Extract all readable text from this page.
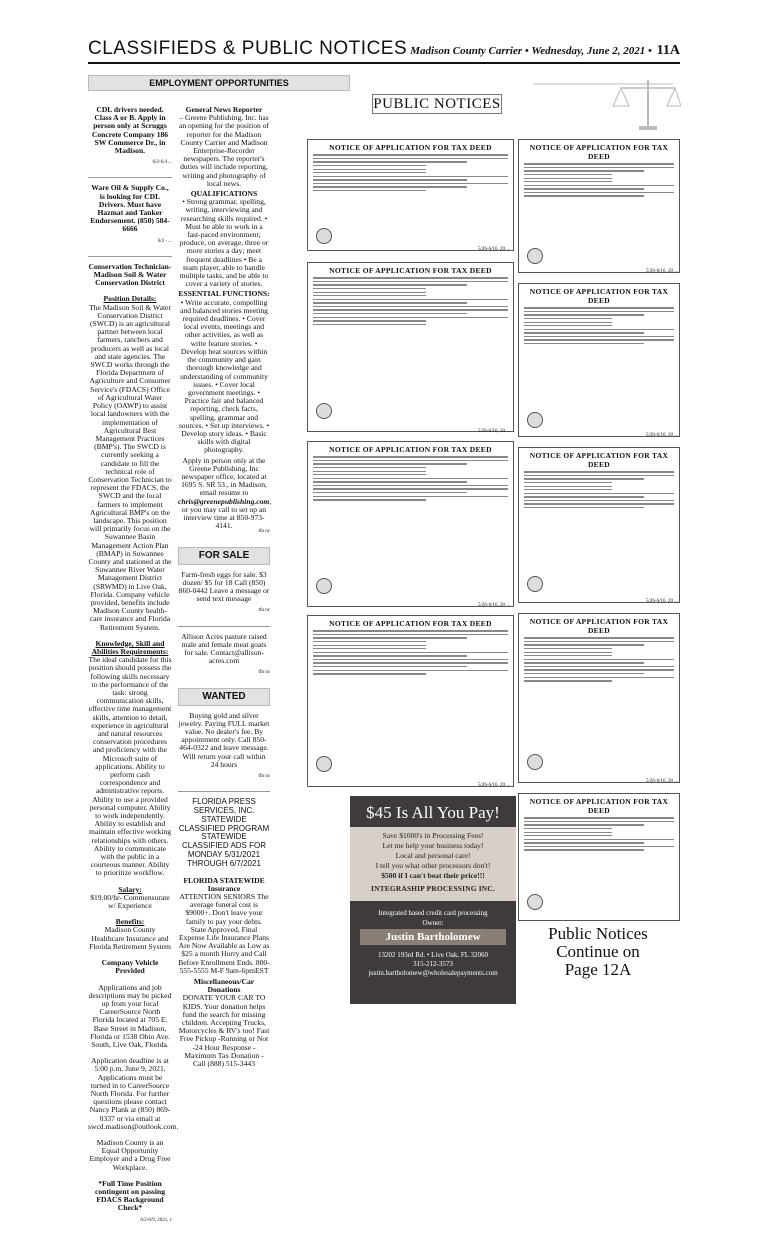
CLASSIFIEDS & PUBLIC NOTICES Madison County Carrier • Wednesday, June 2, 2021 • 11A
EMPLOYMENT OPPORTUNITIES

CDL drivers needed. Class A or B. Apply in person only at Scruggs Concrete Company 186 SW Commerce Dr., in Madison.

6/2-6/4 ...

Ware Oil & Supply Co., is looking for CDL Drivers. Must have Hazmat and Tanker Endorsement. (850) 584-6666

6/2 - ...

Conservation Technician- Madison Soil & Water Conservation District

Position Details:

The Madison Soil & Water Conservation District (SWCD) is an agricultural partner between local farmers, ranchers and producers as well as local and state agencies. The SWCD works through the Florida Department of Agriculture and Consumer Service's (FDACS) Office of Agricultural Water Policy (OAWP) to assist local landowners with the implementation of Agricultural Best Management Practices (BMP's). The SWCD is currently seeking a candidate to fill the technical role of Conservation Technician to represent the FDACS, the SWCD and the local farmers to implement Agricultural BMP's on the landscape. This position will primarily focus on the Suwannee Basin Management Action Plan (BMAP) in Suwannee County and stationed at the Suwannee River Water Management District (SRWMD) in Live Oak, Florida. Company vehicle provided, benefits include Madison County health-care insurance and Florida Retirement System.

Knowledge, Skill and Abilities Requirements:

The ideal candidate for this position should possess the following skills necessary to the performance of the task: strong communication skills, effective time management skills, attention to detail, experience in agricultural and natural resources conservation procedures and proficiency with the Microsoft suite of applications. Ability to perform cash correspondence and administrative reports. Ability to use a provided personal computer. Ability to work independently. Ability to establish and maintain effective working relationships with others. Ability to communicate with the public in a courteous manner. Ability to prioritize workflow.

Salary:

$19.00/hr- Commensurate w/ Experience

Benefits:

Madison County Healthcare Insurance and Florida Retirement System

Company Vehicle Provided

Applications and job descriptions may be picked up from your local CareerSource North Florida located at 705 E. Base Street in Madison, Florida or 1538 Ohio Ave. South, Live Oak, Florida.

Application deadline is at 5:00 p.m. June 9, 2021. Applications must be turned in to CareerSource North Florida. For further questions please contact Nancy Plank at (850) 869-0337 or via email at swcd.madison@outlook.com.

Madison County is an Equal Opportunity Employer and a Drug Free Workplace.

*Full Time Position contingent on passing FDACS Background Check*

6/2-6/9, 2021, c
General News Reporter

– Greene Publishing, Inc. has an opening for the position of reporter for the Madison County Carrier and Madison Enterprise-Recorder newspapers. The reporter's duties will include reporting, writing and photography of local news.

QUALIFICATIONS

• Strong grammar, spelling, writing, interviewing and researching skills required. • Must be able to work in a fast-paced environment; produce, on average, three or more stories a day; meet frequent deadlines • Be a team player, able to handle multiple tasks, and be able to cover a variety of stories.

ESSENTIAL FUNCTIONS:

• Write accurate, compelling and balanced stories meeting required deadlines. • Cover local events, meetings and other activities, as well as write feature stories. • Develop beat sources within the community and gain thorough knowledge and understanding of community issues. • Cover local government meetings. • Practice fair and balanced reporting, check facts, spelling, grammar and sources. • Set up interviews. • Develop story ideas. • Basic skills with digital photography.

Apply in person only at the Greene Publishing, Inc newspaper office, located at 1695 S. SR 53., in Madison, email resume to chris@greenepublishing.com, or you may call to set up an interview time at 850-973-4141.

tfn nc
FOR SALE

Farm-fresh eggs for sale. $3 dozen/ $5 for 18 Call (850) 860-0442 Leave a message or send text message

tfn nc

Allison Acres pasture raised male and female meat goats for sale. Contact@allison-acres.com

tfn nc
WANTED

Buying gold and silver jewelry. Paying FULL market value. No dealer's fee. By appointment only. Call 850-464-0322 and leave message. Will return your call within 24 hours

tfn nc

FLORIDA PRESS SERVICES, INC. STATEWIDE CLASSIFIED PROGRAM STATEWIDE CLASSIFIED ADS FOR MONDAY 5/31/2021 THROUGH 6/7/2021

FLORIDA STATEWIDE
Insurance

ATTENTION SENIORS The average funeral cost is $9000+. Don't leave your family to pay your debts. State Approved, Final Expense Life Insurance Plans Are Now Available as Low as $25 a month Hurry and Call Before Enrollment Ends. 800-555-5555 M-F 9am-6pmEST

Miscellaneous/Car Donations

DONATE YOUR CAR TO KIDS. Your donation helps fund the search for missing children. Accepting Trucks, Motorcycles & RV's too! Fast Free Pickup -Running or Not -24 Hour Response - Maximum Tax Donation - Call (888) 515-3443

PUBLIC NOTICES
NOTICE OF APPLICATION FOR TAX DEED
5/26-6/16, 20 ...
NOTICE OF APPLICATION FOR TAX DEED
5/26-6/16, 20 ...
NOTICE OF APPLICATION FOR TAX DEED
5/26-6/16, 20 ...
NOTICE OF APPLICATION FOR TAX DEED
5/26-6/16, 20 ...
NOTICE OF APPLICATION FOR TAX DEED
5/26-6/16, 20 ...
NOTICE OF APPLICATION FOR TAX DEED
5/26-6/16, 20 ...
NOTICE OF APPLICATION FOR TAX DEED
5/26-6/16, 20 ...
NOTICE OF APPLICATION FOR TAX DEED
5/26-6/16, 20 ...
NOTICE OF APPLICATION FOR TAX DEED
$45 Is All You Pay!
Save $1000's in Processing Fees!
Let me help your business today!
Local and personal care!
I tell you what other processors don't!
$500 if I can't beat their price!!!
INTEGRASHIP PROCESSING INC.
Integrated based credit card processing
Owner:
Justin Bartholomew
13202 193rd Rd. • Live Oak, FL 32060
315-212-3573
justin.bartholomew@wholesalepayments.com
Public Notices
Continue on
Page 12A
